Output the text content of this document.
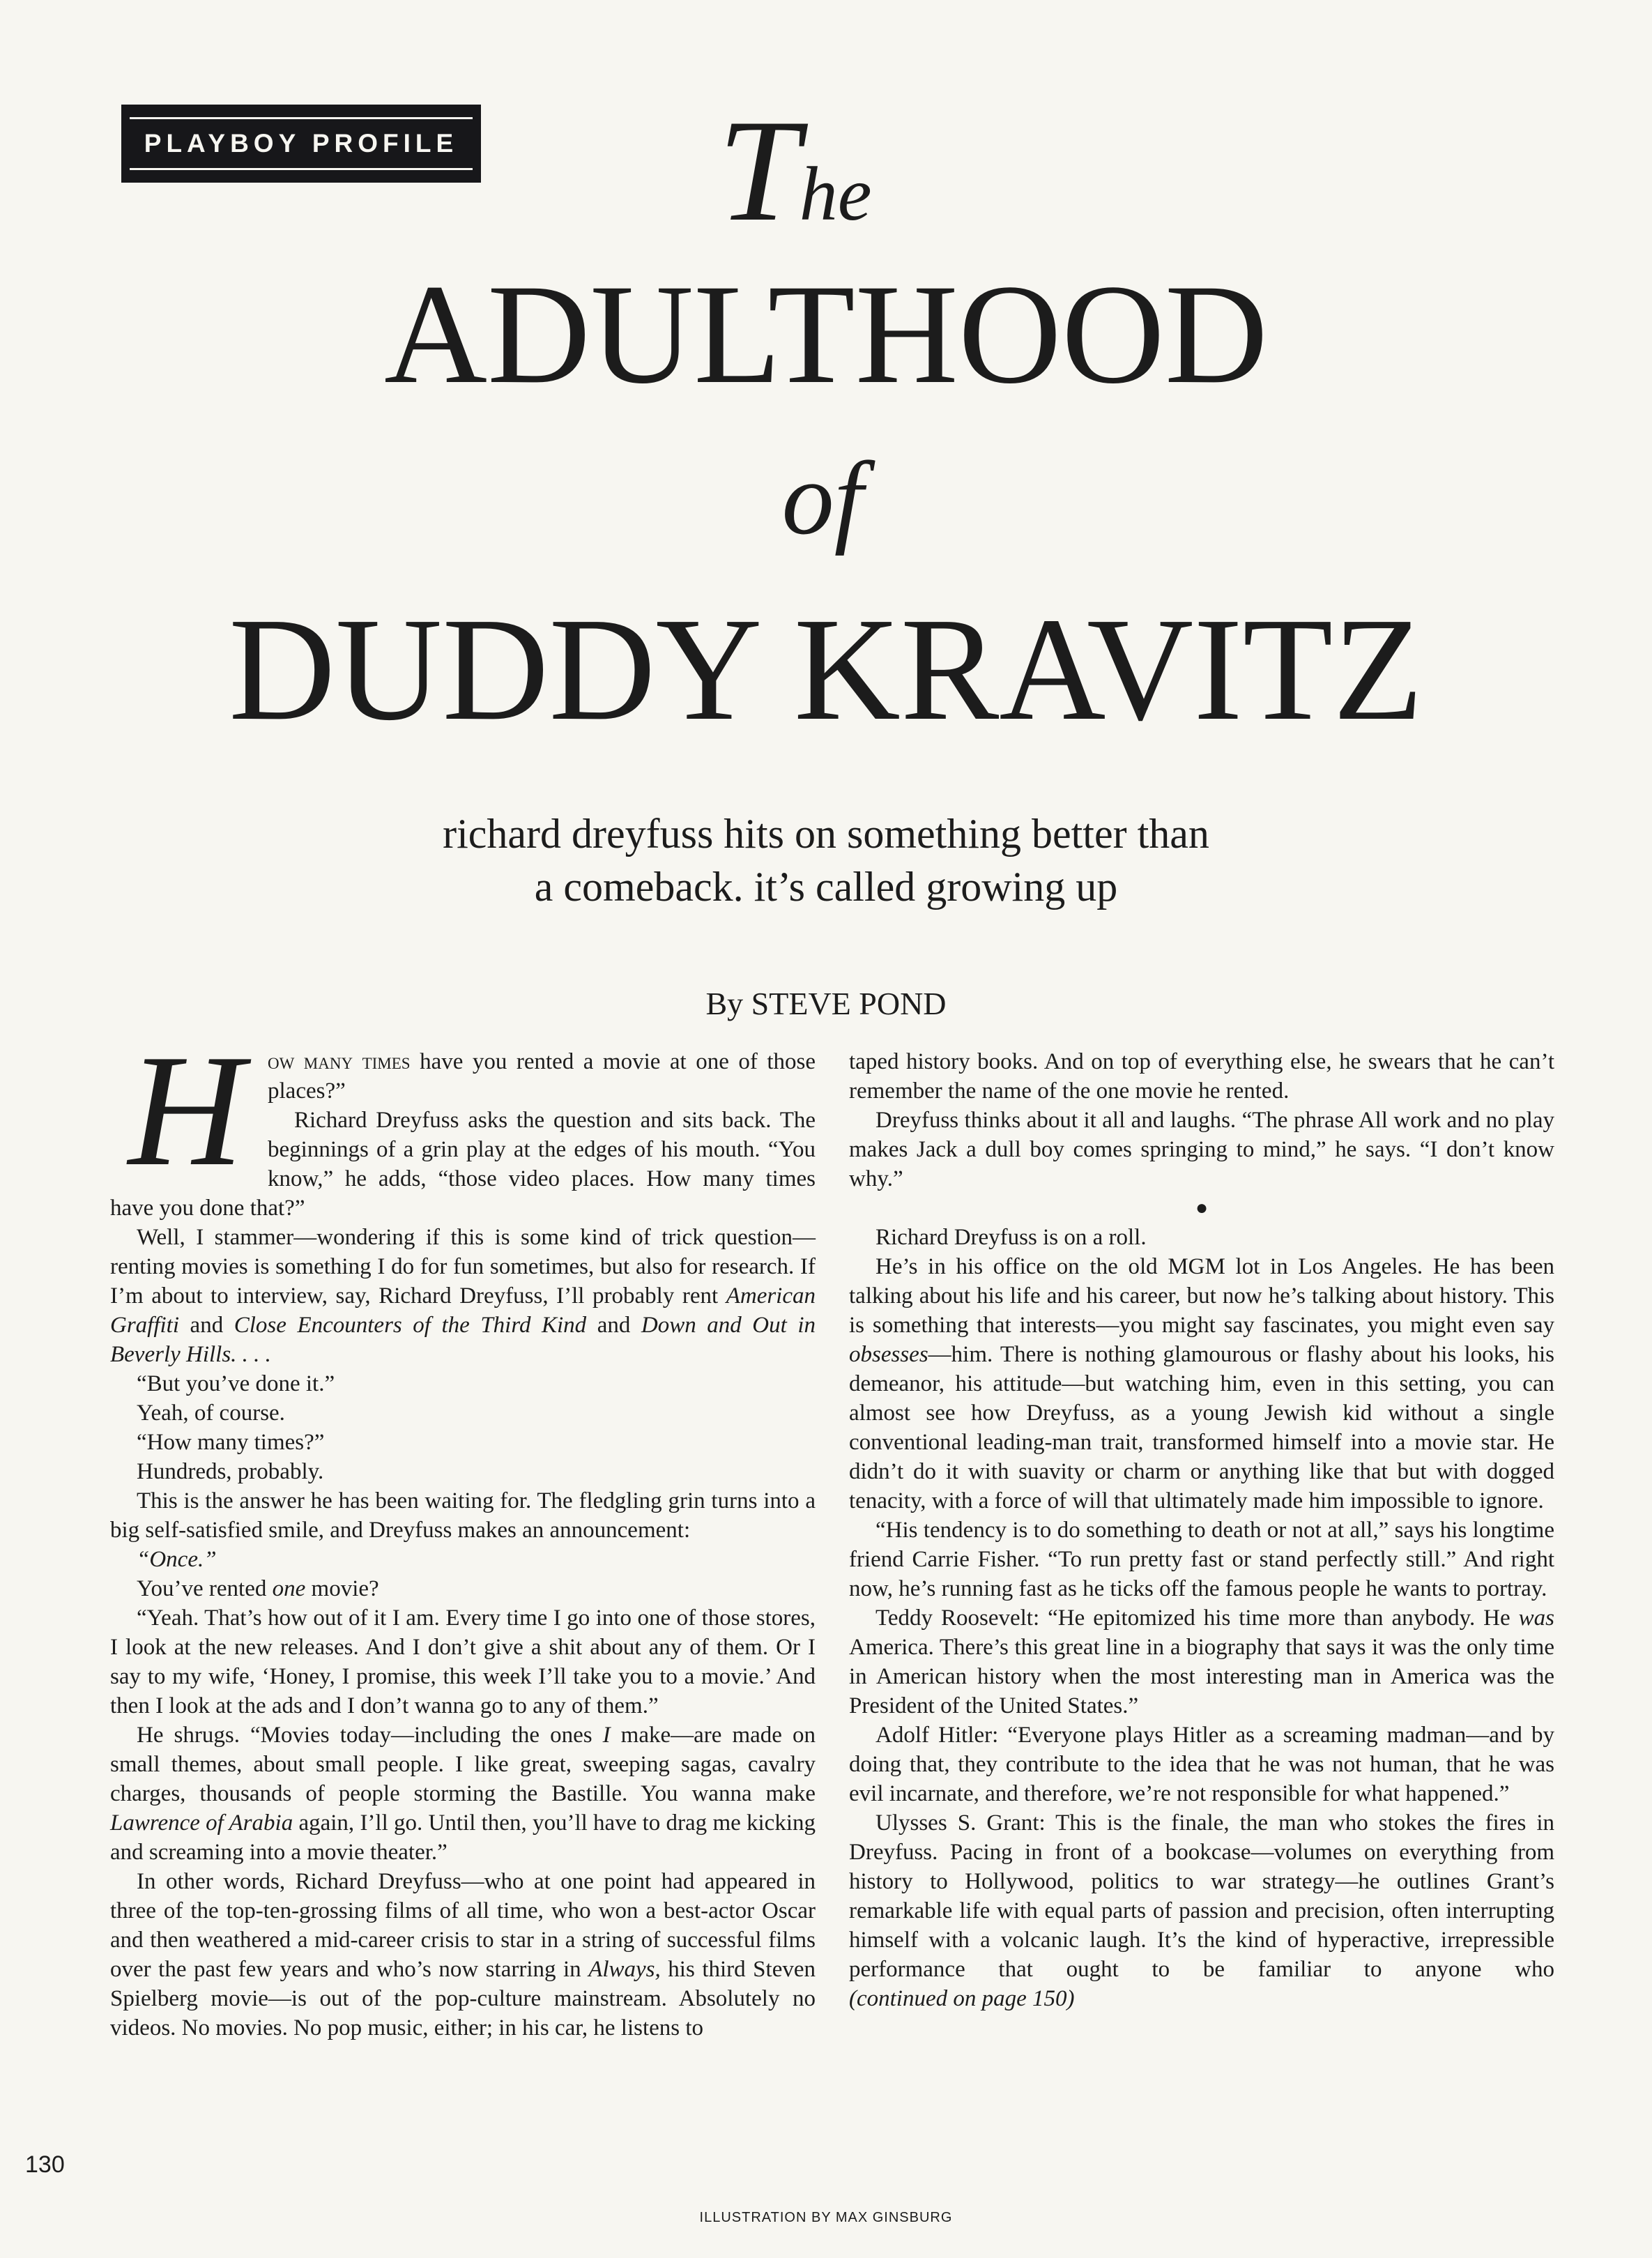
PLAYBOY PROFILE The
ADULTHOOD
of
DUDDY KRAVITZ
richard dreyfuss hits on something better than
a comeback. it’s called growing up
By STEVE POND
H	ow many times have you rented a movie at one of those places?”

Richard Dreyfuss asks the question and sits back. The beginnings of a grin play at the edges of his mouth. “You know,” he adds, “those video places. How many times have you done that?”

Well, I stammer—wondering if this is some kind of trick question—renting movies is something I do for fun sometimes, but also for research. If I’m about to interview, say, Richard Dreyfuss, I’ll probably rent American Graffiti and Close Encounters of the Third Kind and Down and Out in Beverly Hills. . . .

“But you’ve done it.”

Yeah, of course.

“How many times?”

Hundreds, probably.

This is the answer he has been waiting for. The fledgling grin turns into a big self-satisfied smile, and Dreyfuss makes an announcement:

“Once.”

You’ve rented one movie?

“Yeah. That’s how out of it I am. Every time I go into one of those stores, I look at the new releases. And I don’t give a shit about any of them. Or I say to my wife, ‘Honey, I promise, this week I’ll take you to a movie.’ And then I look at the ads and I don’t wanna go to any of them.”

He shrugs. “Movies today—including the ones I make—are made on small themes, about small people. I like great, sweeping sagas, cavalry charges, thousands of people storming the Bastille. You wanna make Lawrence of Arabia again, I’ll go. Until then, you’ll have to drag me kicking and screaming into a movie theater.”

In other words, Richard Dreyfuss—who at one point had appeared in three of the top-ten-grossing films of all time, who won a best-actor Oscar and then weathered a mid-career crisis to star in a string of successful films over the past few years and who’s now starring in Always, his third Steven Spielberg movie—is out of the pop-culture mainstream. Absolutely no videos. No movies. No pop music, either; in his car, he listens to

taped history books. And on top of everything else, he swears that he can’t remember the name of the one movie he rented.

Dreyfuss thinks about it all and laughs. “The phrase All work and no play makes Jack a dull boy comes springing to mind,” he says. “I don’t know why.”

●

Richard Dreyfuss is on a roll.

He’s in his office on the old MGM lot in Los Angeles. He has been talking about his life and his career, but now he’s talking about history. This is something that interests—you might say fascinates, you might even say obsesses—him. There is nothing glamourous or flashy about his looks, his demeanor, his attitude—but watching him, even in this setting, you can almost see how Dreyfuss, as a young Jewish kid without a single conventional leading-man trait, transformed himself into a movie star. He didn’t do it with suavity or charm or anything like that but with dogged tenacity, with a force of will that ultimately made him impossible to ignore.

“His tendency is to do something to death or not at all,” says his longtime friend Carrie Fisher. “To run pretty fast or stand perfectly still.” And right now, he’s running fast as he ticks off the famous people he wants to portray.

Teddy Roosevelt: “He epitomized his time more than anybody. He was America. There’s this great line in a biography that says it was the only time in American history when the most interesting man in America was the President of the United States.”

Adolf Hitler: “Everyone plays Hitler as a screaming madman—and by doing that, they contribute to the idea that he was not human, that he was evil incarnate, and therefore, we’re not responsible for what happened.”

Ulysses S. Grant: This is the finale, the man who stokes the fires in Dreyfuss. Pacing in front of a bookcase—volumes on everything from history to Hollywood, politics to war strategy—he outlines Grant’s remarkable life with equal parts of passion and precision, often interrupting himself with a volcanic laugh. It’s the kind of hyperactive, irrepressible performance that ought to be familiar to anyone who (continued on page 150)

130
ILLUSTRATION BY MAX GINSBURG
